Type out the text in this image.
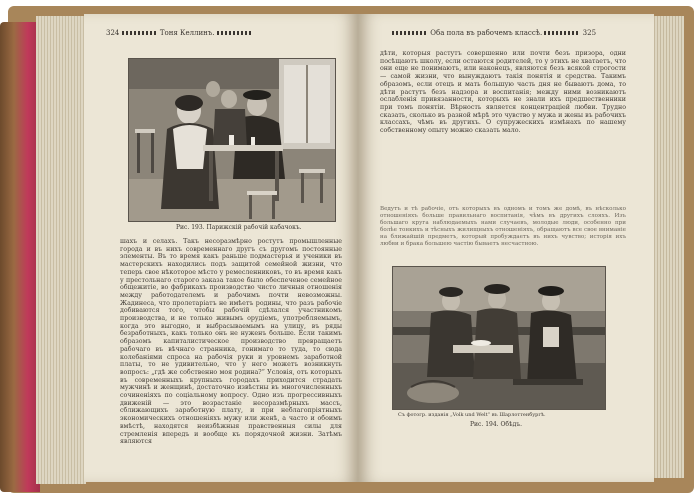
324	Тоня Келлинъ.
Рис. 193. Парижскій рабочій кабачокъ.

шахъ и селахъ. Такъ несоразмѣрно ростутъ промышленные города и въ нихъ современнаго другъ съ другомъ постоянные элементы. Въ то время какъ раньше подмастерья и ученики въ мастерскихъ находились подъ защитой семейной жизни, что теперь свое нѣкоторое мѣсто у ремесленниковъ, то въ время какъ у престольнаго старого заказа такое было обеспеченое семейное общежитіе, во фабрикахъ производство чисто личныя отношенія между работодателемъ и рабочимъ почти невозможны. Жадинеса, что пролетаріатъ не имѣетъ родины, что разъ рабочіе добиваются того, чтобы рабочій сдѣлался участникомъ производства, и не только живымъ орудіемъ, употребляемымъ, когда это выгодно, и выбрасываемымъ на улицу, въ ряды безработныхъ, какъ только онъ не нуженъ больше. Если такимъ образомъ капиталистическое производство превращаетъ рабочаго въ вѣчнаго странника, гонимаго то туда, то сюда колебаніями спроса на рабочія руки и уровнемъ заработной платы, то не удивительно, что у него можетъ возникнуть вопросъ: „гдѣ же собственно моя родина?“ Условія, отъ которыхъ въ современныхъ крупныхъ городахъ приходится страдать мужчинѣ и женщинѣ, достаточно извѣстны въ многочисленныхъ сочиненіяхъ по соціальному вопросу. Одно изъ прогрессивныхъ движеній — это возрастаніе несоразмѣрныхъ массъ, сближающихъ заработную плату, и при неблагопріятныхъ экономическихъ отношеніяхъ мужу или женѣ, а часто и обоимъ вмѣстѣ, находятся неизбѣжныя правственныя силы для стремленія впередъ и вообще къ порядочной жизни. Затѣмъ являются

Оба пола въ рабочемъ классѣ.	325

дѣти, которыя растутъ совершенно или почти безъ призора, одни посѣщаютъ школу, если остаются родителей, то у этихъ не хватаетъ, что они еще не понимаютъ, или наконецъ, являются безъ всякой строгости — самой жизни, что вынуждаютъ такія понятія и средства. Такимъ образомъ, если отецъ и мать большую часть дня не бываютъ дома, то дѣти растутъ безъ надзора и воспитанія; между ними возникаютъ ослабленія привязанности, которыхъ не знали ихъ предшественники при томъ понятіи. Вѣрность является концентраціей любви. Трудно сказать, сколько въ разной мѣрѣ это чувство у мужа и жены въ рабочихъ классахъ, чѣмъ въ другихъ. О супружескихъ измѣнахъ по нашему собственному опыту можно сказать мало.

Ведутъ и тѣ рабочіе, отъ которыхъ въ одномъ и томъ же домѣ, въ нѣсколько отношеніяхъ больше правильнаго воспитанія, чѣмъ въ другихъ слояхъ. Изъ большаго круга наблюдаемыхъ нами случаевъ, молодые люди, особенно при болѣе тонкихъ и тѣсныхъ жилищныхъ отношеніяхъ, обращаютъ все свое вниманіе на ближайшій предметъ, который пробуждаетъ въ нихъ чувство; исторія ихъ любви и брака большею частію бываетъ несчастною.

Съ фотогр. изданія „Volk und Welt“ въ Шарлоттенбургѣ.
Рис. 194. Обѣдъ.
